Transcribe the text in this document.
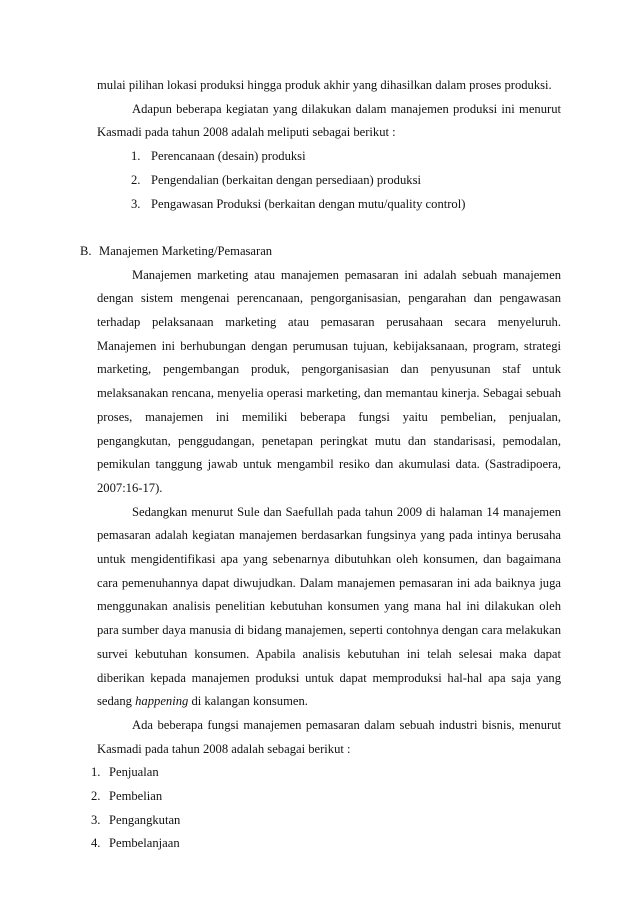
mulai pilihan lokasi produksi hingga produk akhir yang dihasilkan dalam proses produksi.

Adapun beberapa kegiatan yang dilakukan dalam manajemen produksi ini menurut Kasmadi pada tahun 2008 adalah meliputi sebagai berikut :

1. Perencanaan (desain) produksi
2. Pengendalian (berkaitan dengan persediaan) produksi
3. Pengawasan Produksi (berkaitan dengan mutu/quality control)
B. Manajemen Marketing/Pemasaran

Manajemen marketing atau manajemen pemasaran ini adalah sebuah manajemen dengan sistem mengenai perencanaan, pengorganisasian, pengarahan dan pengawasan terhadap pelaksanaan marketing atau pemasaran perusahaan secara menyeluruh. Manajemen ini berhubungan dengan perumusan tujuan, kebijaksanaan, program, strategi marketing, pengembangan produk, pengorganisasian dan penyusunan staf untuk melaksanakan rencana, menyelia operasi marketing, dan memantau kinerja. Sebagai sebuah proses, manajemen ini memiliki beberapa fungsi yaitu pembelian, penjualan, pengangkutan, penggudangan, penetapan peringkat mutu dan standarisasi, pemodalan, pemikulan tanggung jawab untuk mengambil resiko dan akumulasi data. (Sastradipoera, 2007:16-17).

Sedangkan menurut Sule dan Saefullah pada tahun 2009 di halaman 14 manajemen pemasaran adalah kegiatan manajemen berdasarkan fungsinya yang pada intinya berusaha untuk mengidentifikasi apa yang sebenarnya dibutuhkan oleh konsumen, dan bagaimana cara pemenuhannya dapat diwujudkan. Dalam manajemen pemasaran ini ada baiknya juga menggunakan analisis penelitian kebutuhan konsumen yang mana hal ini dilakukan oleh para sumber daya manusia di bidang manajemen, seperti contohnya dengan cara melakukan survei kebutuhan konsumen. Apabila analisis kebutuhan ini telah selesai maka dapat diberikan kepada manajemen produksi untuk dapat memproduksi hal-hal apa saja yang sedang happening di kalangan konsumen.

Ada beberapa fungsi manajemen pemasaran dalam sebuah industri bisnis, menurut Kasmadi pada tahun 2008 adalah sebagai berikut :

1. Penjualan
2. Pembelian
3. Pengangkutan
4. Pembelanjaan
